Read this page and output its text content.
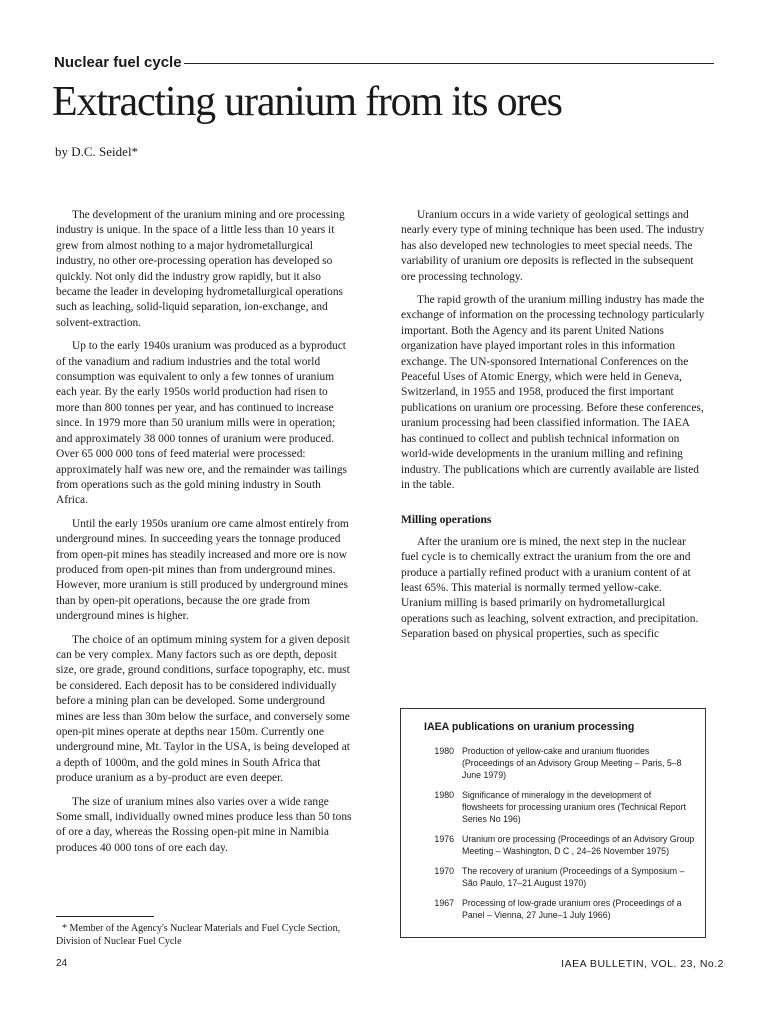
Nuclear fuel cycle
Extracting uranium from its ores
by D.C. Seidel*

The development of the uranium mining and ore processing industry is unique. In the space of a little less than 10 years it grew from almost nothing to a major hydrometallurgical industry, no other ore-processing operation has developed so quickly. Not only did the industry grow rapidly, but it also became the leader in developing hydrometallurgical operations such as leaching, solid-liquid separation, ion-exchange, and solvent-extraction.

Up to the early 1940s uranium was produced as a byproduct of the vanadium and radium industries and the total world consumption was equivalent to only a few tonnes of uranium each year. By the early 1950s world production had risen to more than 800 tonnes per year, and has continued to increase since. In 1979 more than 50 uranium mills were in operation; and approximately 38 000 tonnes of uranium were produced. Over 65 000 000 tons of feed material were processed: approximately half was new ore, and the remainder was tailings from operations such as the gold mining industry in South Africa.

Until the early 1950s uranium ore came almost entirely from underground mines. In succeeding years the tonnage produced from open-pit mines has steadily increased and more ore is now produced from open-pit mines than from underground mines. However, more uranium is still produced by underground mines than by open-pit operations, because the ore grade from underground mines is higher.

The choice of an optimum mining system for a given deposit can be very complex. Many factors such as ore depth, deposit size, ore grade, ground conditions, surface topography, etc. must be considered. Each deposit has to be considered individually before a mining plan can be developed. Some underground mines are less than 30m below the surface, and conversely some open-pit mines operate at depths near 150m. Currently one underground mine, Mt. Taylor in the USA, is being developed at a depth of 1000m, and the gold mines in South Africa that produce uranium as a by-product are even deeper.

The size of uranium mines also varies over a wide range Some small, individually owned mines produce less than 50 tons of ore a day, whereas the Rossing open-pit mine in Namibia produces 40 000 tons of ore each day.

Uranium occurs in a wide variety of geological settings and nearly every type of mining technique has been used. The industry has also developed new technologies to meet special needs. The variability of uranium ore deposits is reflected in the subsequent ore processing technology.

The rapid growth of the uranium milling industry has made the exchange of information on the processing technology particularly important. Both the Agency and its parent United Nations organization have played important roles in this information exchange. The UN-sponsored International Conferences on the Peaceful Uses of Atomic Energy, which were held in Geneva, Switzerland, in 1955 and 1958, produced the first important publications on uranium ore processing. Before these conferences, uranium processing had been classified information. The IAEA has continued to collect and publish technical information on world-wide developments in the uranium milling and refining industry. The publications which are currently available are listed in the table.

Milling operations

After the uranium ore is mined, the next step in the nuclear fuel cycle is to chemically extract the uranium from the ore and produce a partially refined product with a uranium content of at least 65%. This material is normally termed yellow-cake. Uranium milling is based primarily on hydrometallurgical operations such as leaching, solvent extraction, and precipitation. Separation based on physical properties, such as specific

IAEA publications on uranium processing
1980 Production of yellow-cake and uranium fluorides (Proceedings of an Advisory Group Meeting – Paris, 5–8 June 1979)
1980 Significance of mineralogy in the development of flowsheets for processing uranium ores (Technical Report Series No 196)
1976 Uranium ore processing (Proceedings of an Advisory Group Meeting – Washington, D C , 24–26 November 1975)
1970 The recovery of uranium (Proceedings of a Symposium – São Paulo, 17–21 August 1970)
1967 Processing of low-grade uranium ores (Proceedings of a Panel – Vienna, 27 June–1 July 1966)
* Member of the Agency's Nuclear Materials and Fuel Cycle Section, Division of Nuclear Fuel Cycle
24	IAEA BULLETIN, VOL. 23, No.2
